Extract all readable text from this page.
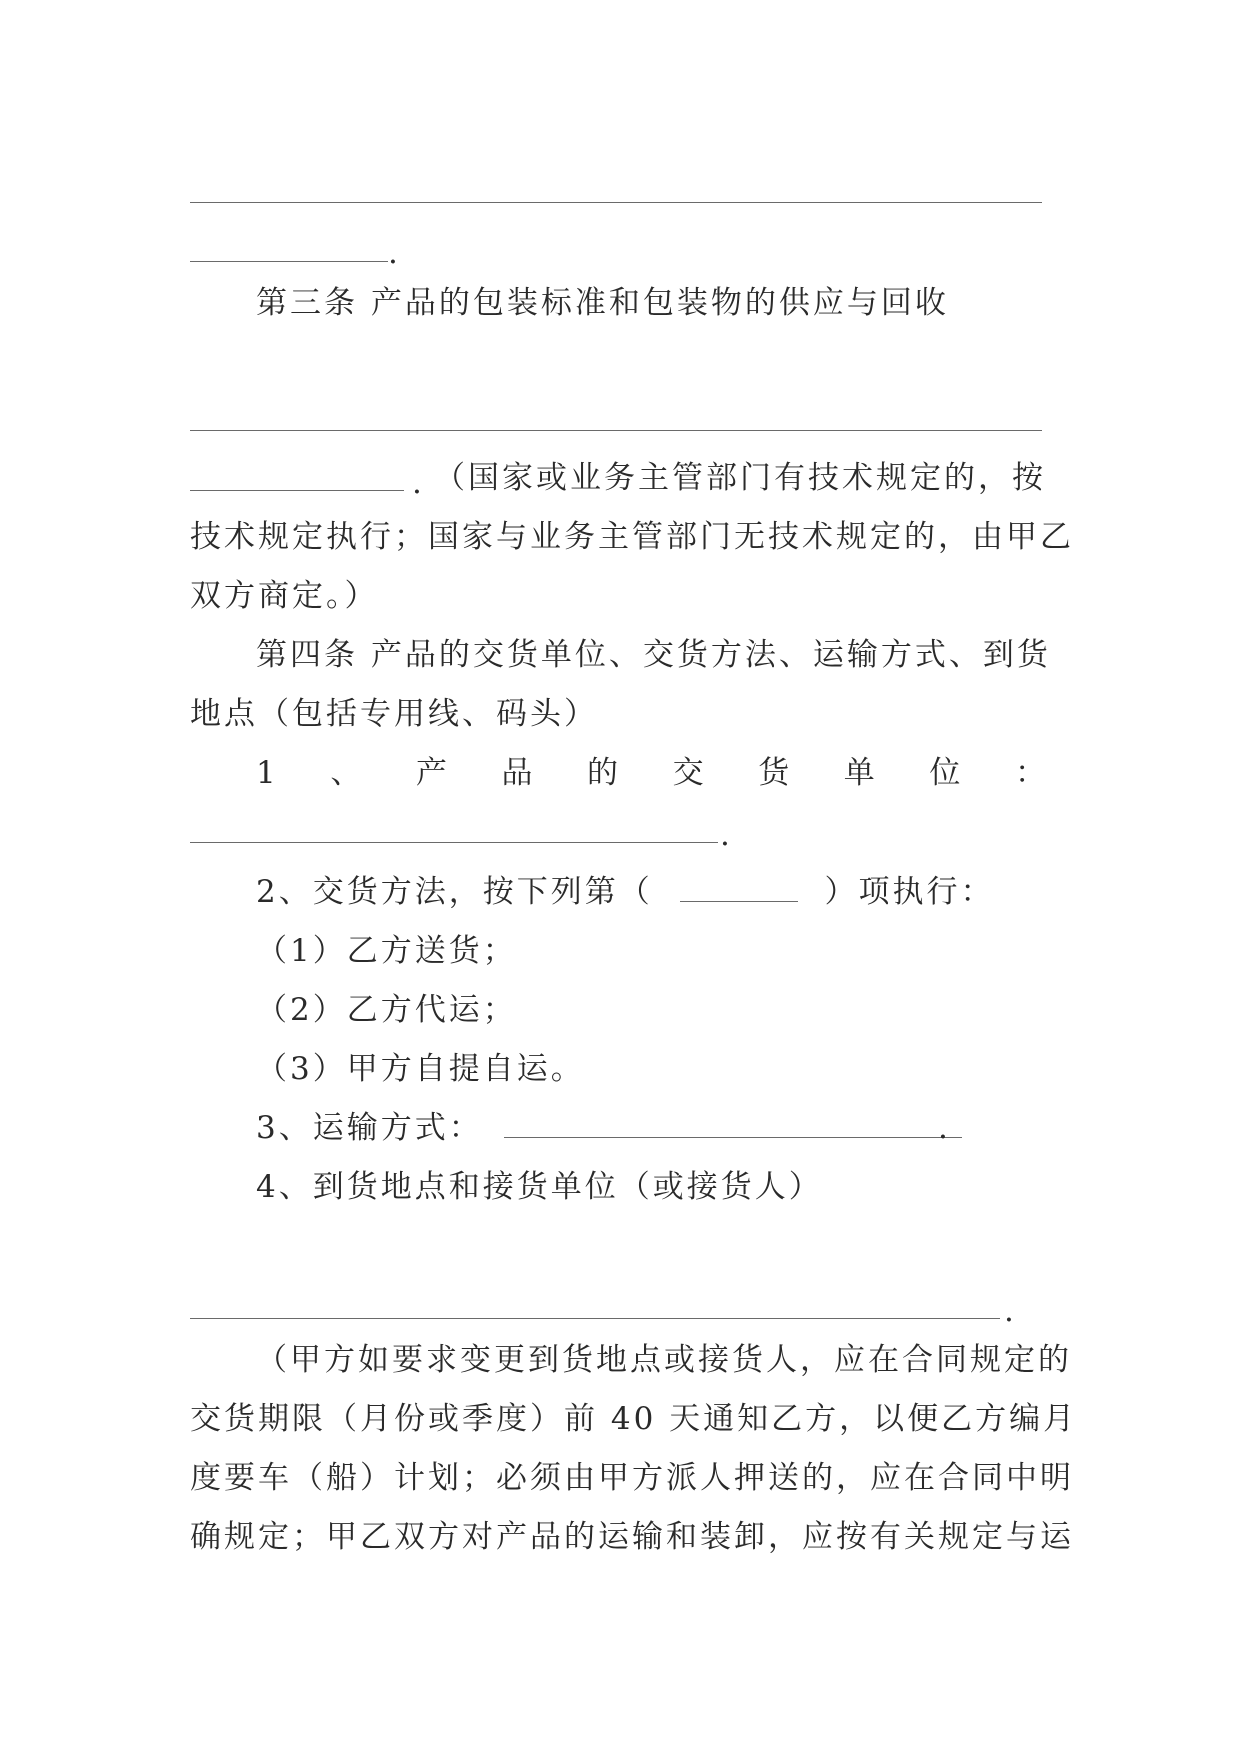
.
第三条 产品的包装标准和包装物的供应与回收
. （国家或业务主管部门有技术规定的，按
技术规定执行；国家与业务主管部门无技术规定的，由甲乙
双方商定。）
第四条 产品的交货单位、交货方法、运输方式、到货
地点（包括专用线、码头）
1 、 产 品 的 交 货 单 位 ：
.
2、交货方法，按下列第（	）项执行：
（1）乙方送货；
（2）乙方代运；
（3）甲方自提自运。
3、运输方式：	.
4、到货地点和接货单位（或接货人）
.
（甲方如要求变更到货地点或接货人，应在合同规定的
交货期限（月份或季度）前 40 天通知乙方，以便乙方编月
度要车（船）计划；必须由甲方派人押送的，应在合同中明
确规定；甲乙双方对产品的运输和装卸，应按有关规定与运
